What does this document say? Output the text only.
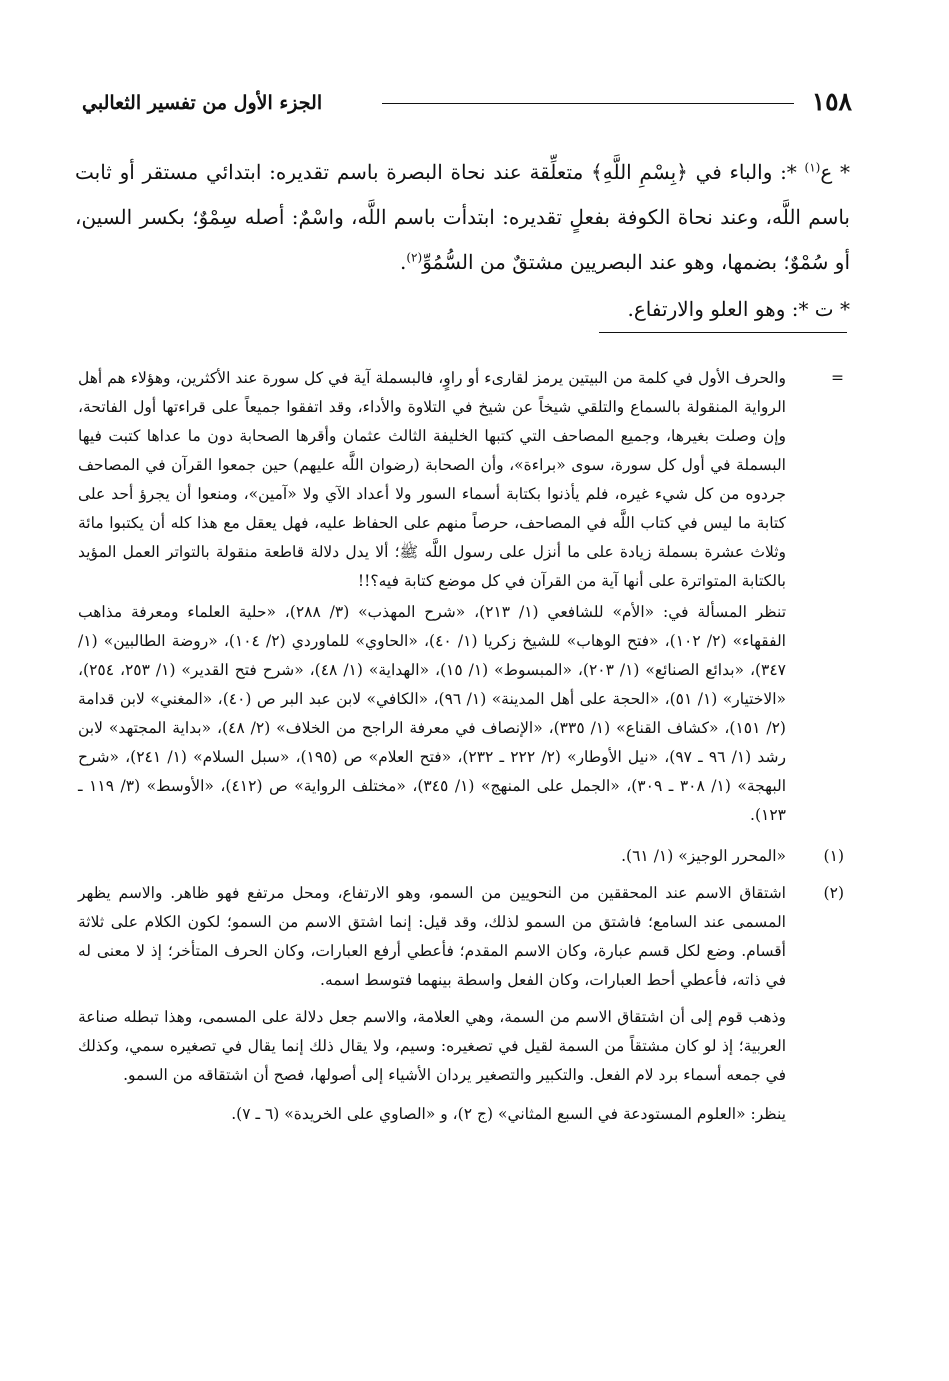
١٥٨
الجزء الأول من تفسير الثعالبي

* ع$^{(١)}$ *: والباء في ﴿بِسْمِ اللَّهِ﴾ متعلِّقة عند نحاة البصرة باسم تقديره: ابتدائي مستقر أو ثابت باسم اللَّه، وعند نحاة الكوفة بفعلٍ تقديره: ابتدأت باسم اللَّه، واسْمٌ: أصله سِمْوٌ؛ بكسر السين، أو سُمْوٌ؛ بضمها، وهو عند البصريين مشتقٌ من السُّمُوِّ$^{(٢)}$.

* ت *: وهو العلو والارتفاع.

=

والحرف الأول في كلمة من البيتين يرمز لقارىء أو راوٍ، فالبسملة آية في كل سورة عند الأكثرين، وهؤلاء هم أهل الرواية المنقولة بالسماع والتلقي شيخاً عن شيخ في التلاوة والأداء، وقد اتفقوا جميعاً على قراءتها أول الفاتحة، وإن وصلت بغيرها، وجميع المصاحف التي كتبها الخليفة الثالث عثمان وأقرها الصحابة دون ما عداها كتبت فيها البسملة في أول كل سورة، سوى «براءة»، وأن الصحابة (رضوان اللَّه عليهم) حين جمعوا القرآن في المصاحف جردوه من كل شيء غيره، فلم يأذنوا بكتابة أسماء السور ولا أعداد الآي ولا «آمين»، ومنعوا أن يجرؤ أحد على كتابة ما ليس في كتاب اللَّه في المصاحف، حرصاً منهم على الحفاظ عليه، فهل يعقل مع هذا كله أن يكتبوا مائة وثلاث عشرة بسملة زيادة على ما أنزل على رسول اللَّه ﷺ؛ ألا يدل دلالة قاطعة منقولة بالتواتر العمل المؤيد بالكتابة المتواترة على أنها آية من القرآن في كل موضع كتابة فيه؟!!

تنظر المسألة في: «الأم» للشافعي (١/ ٢١٣)، «شرح المهذب» (٣/ ٢٨٨)، «حلية العلماء ومعرفة مذاهب الفقهاء» (٢/ ١٠٢)، «فتح الوهاب» للشيخ زكريا (١/ ٤٠)، «الحاوي» للماوردي (٢/ ١٠٤)، «روضة الطالبين» (١/ ٣٤٧)، «بدائع الصنائع» (١/ ٢٠٣)، «المبسوط» (١/ ١٥)، «الهداية» (١/ ٤٨)، «شرح فتح القدير» (١/ ٢٥٣، ٢٥٤)، «الاختيار» (١/ ٥١)، «الحجة على أهل المدينة» (١/ ٩٦)، «الكافي» لابن عبد البر ص (٤٠)، «المغني» لابن قدامة (٢/ ١٥١)، «كشاف القناع» (١/ ٣٣٥)، «الإنصاف في معرفة الراجح من الخلاف» (٢/ ٤٨)، «بداية المجتهد» لابن رشد (١/ ٩٦ ـ ٩٧)، «نيل الأوطار» (٢/ ٢٢٢ ـ ٢٣٢)، «فتح العلام» ص (١٩٥)، «سبل السلام» (١/ ٢٤١)، «شرح البهجة» (١/ ٣٠٨ ـ ٣٠٩)، «الجمل على المنهج» (١/ ٣٤٥)، «مختلف الرواية» ص (٤١٢)، «الأوسط» (٣/ ١١٩ ـ ١٢٣).

(١)

«المحرر الوجيز» (١/ ٦١).

(٢)

اشتقاق الاسم عند المحققين من النحويين من السمو، وهو الارتفاع، ومحل مرتفع فهو ظاهر. والاسم يظهر المسمى عند السامع؛ فاشتق من السمو لذلك، وقد قيل: إنما اشتق الاسم من السمو؛ لكون الكلام على ثلاثة أقسام. وضع لكل قسم عبارة، وكان الاسم المقدم؛ فأعطي أرفع العبارات، وكان الحرف المتأخر؛ إذ لا معنى له في ذاته، فأعطي أحط العبارات، وكان الفعل واسطة بينهما فتوسط اسمه.

وذهب قوم إلى أن اشتقاق الاسم من السمة، وهي العلامة، والاسم جعل دلالة على المسمى، وهذا تبطله صناعة العربية؛ إذ لو كان مشتقاً من السمة لقيل في تصغيره: وسيم، ولا يقال ذلك إنما يقال في تصغيره سمي، وكذلك في جمعه أسماء برد لام الفعل. والتكبير والتصغير يردان الأشياء إلى أصولها، فصح أن اشتقاقه من السمو.

ينظر: «العلوم المستودعة في السبع المثاني» (ج ٢)، و «الصاوي على الخريدة» (٦ ـ ٧).
